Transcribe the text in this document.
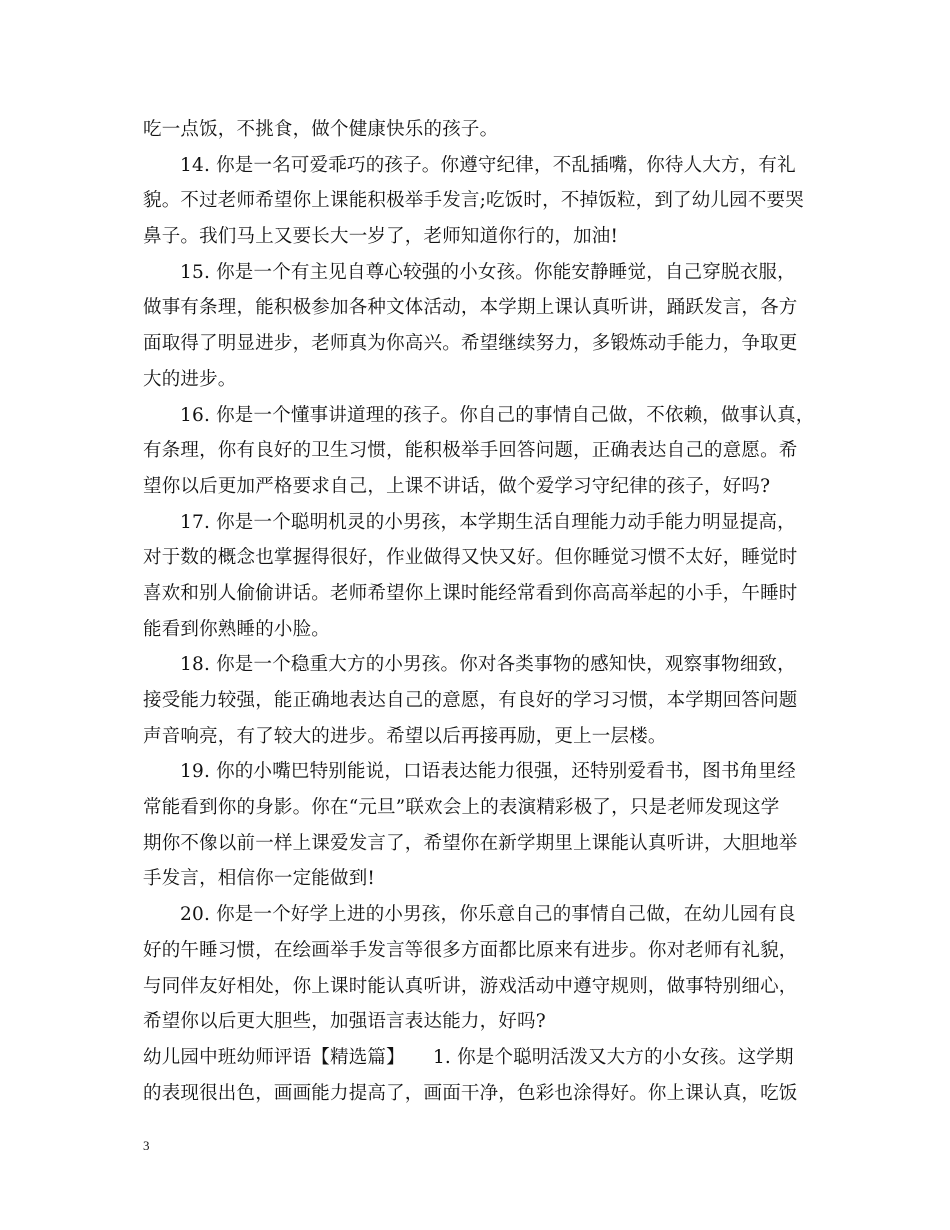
吃一点饭，不挑食，做个健康快乐的孩子。
14. 你是一名可爱乖巧的孩子。你遵守纪律，不乱插嘴，你待人大方，有礼
貌。不过老师希望你上课能积极举手发言;吃饭时，不掉饭粒，到了幼儿园不要哭
鼻子。我们马上又要长大一岁了，老师知道你行的，加油!
15. 你是一个有主见自尊心较强的小女孩。你能安静睡觉，自己穿脱衣服，
做事有条理，能积极参加各种文体活动，本学期上课认真听讲，踊跃发言，各方
面取得了明显进步，老师真为你高兴。希望继续努力，多锻炼动手能力，争取更
大的进步。
16. 你是一个懂事讲道理的孩子。你自己的事情自己做，不依赖，做事认真，
有条理，你有良好的卫生习惯，能积极举手回答问题，正确表达自己的意愿。希
望你以后更加严格要求自己，上课不讲话，做个爱学习守纪律的孩子，好吗?
17. 你是一个聪明机灵的小男孩，本学期生活自理能力动手能力明显提高，
对于数的概念也掌握得很好，作业做得又快又好。但你睡觉习惯不太好，睡觉时
喜欢和别人偷偷讲话。老师希望你上课时能经常看到你高高举起的小手，午睡时
能看到你熟睡的小脸。
18. 你是一个稳重大方的小男孩。你对各类事物的感知快，观察事物细致，
接受能力较强，能正确地表达自己的意愿，有良好的学习习惯，本学期回答问题
声音响亮，有了较大的进步。希望以后再接再励，更上一层楼。
19. 你的小嘴巴特别能说，口语表达能力很强，还特别爱看书，图书角里经
常能看到你的身影。你在“元旦”联欢会上的表演精彩极了，只是老师发现这学
期你不像以前一样上课爱发言了，希望你在新学期里上课能认真听讲，大胆地举
手发言，相信你一定能做到!
20. 你是一个好学上进的小男孩，你乐意自己的事情自己做，在幼儿园有良
好的午睡习惯，在绘画举手发言等很多方面都比原来有进步。你对老师有礼貌，
与同伴友好相处，你上课时能认真听讲，游戏活动中遵守规则，做事特别细心，
希望你以后更大胆些，加强语言表达能力，好吗?
幼儿园中班幼师评语【精选篇】　　1. 你是个聪明活泼又大方的小女孩。这学期
的表现很出色，画画能力提高了，画面干净，色彩也涂得好。你上课认真，吃饭
3
